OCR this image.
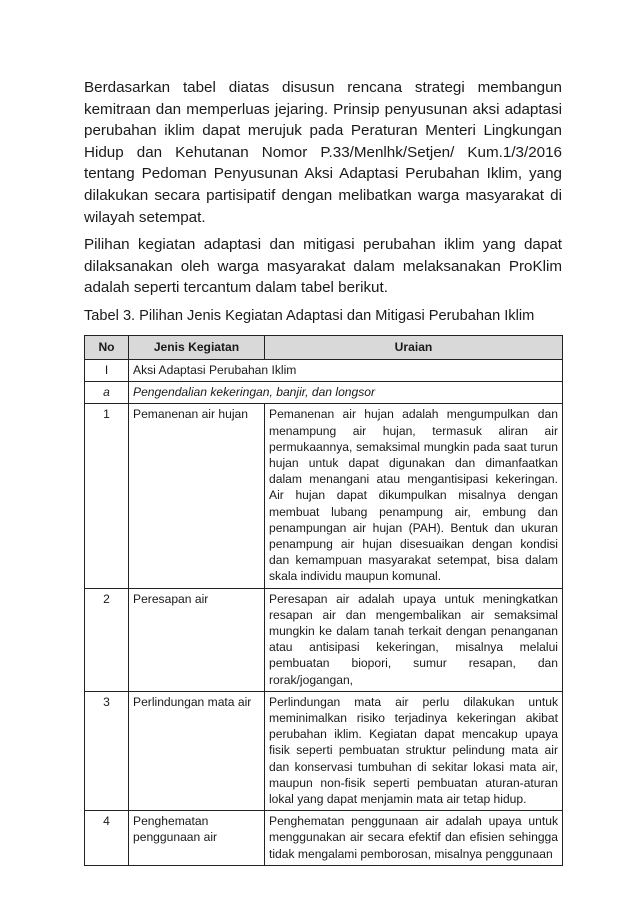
Berdasarkan tabel diatas disusun rencana strategi membangun kemitraan dan memperluas jejaring. Prinsip penyusunan aksi adaptasi perubahan iklim dapat merujuk pada Peraturan Menteri Lingkungan Hidup dan Kehutanan Nomor P.33/Menlhk/Setjen/ Kum.1/3/2016 tentang Pedoman Penyusunan Aksi Adaptasi Perubahan Iklim, yang dilakukan secara partisipatif dengan melibatkan warga masyarakat di wilayah setempat.

Pilihan kegiatan adaptasi dan mitigasi perubahan iklim yang dapat dilaksanakan oleh warga masyarakat dalam melaksanakan ProKlim adalah seperti tercantum dalam tabel berikut.

Tabel 3. Pilihan Jenis Kegiatan Adaptasi dan Mitigasi Perubahan Iklim

No	Jenis Kegiatan	Uraian
I	Aksi Adaptasi Perubahan Iklim	
a	Pengendalian kekeringan, banjir, dan longsor	
1	Pemanenan air hujan	Pemanenan air hujan adalah mengumpulkan dan menampung air hujan, termasuk aliran air permukaannya, semaksimal mungkin pada saat turun hujan untuk dapat digunakan dan dimanfaatkan dalam menangani atau mengantisipasi kekeringan. Air hujan dapat dikumpulkan misalnya dengan membuat lubang penampung air, embung dan penampungan air hujan (PAH). Bentuk dan ukuran penampung air hujan disesuaikan dengan kondisi dan kemampuan masyarakat setempat, bisa dalam skala individu maupun komunal.
2	Peresapan air	Peresapan air adalah upaya untuk meningkatkan resapan air dan mengembalikan air semaksimal mungkin ke dalam tanah terkait dengan penanganan atau antisipasi kekeringan, misalnya melalui pembuatan biopori, sumur resapan, dan rorak/jogangan,
3	Perlindungan mata air	Perlindungan mata air perlu dilakukan untuk meminimalkan risiko terjadinya kekeringan akibat perubahan iklim. Kegiatan dapat mencakup upaya fisik seperti pembuatan struktur pelindung mata air dan konservasi tumbuhan di sekitar lokasi mata air, maupun non-fisik seperti pembuatan aturan-aturan lokal yang dapat menjamin mata air tetap hidup.
4	Penghematan penggunaan air	Penghematan penggunaan air adalah upaya untuk menggunakan air secara efektif dan efisien sehingga tidak mengalami pemborosan, misalnya penggunaan
